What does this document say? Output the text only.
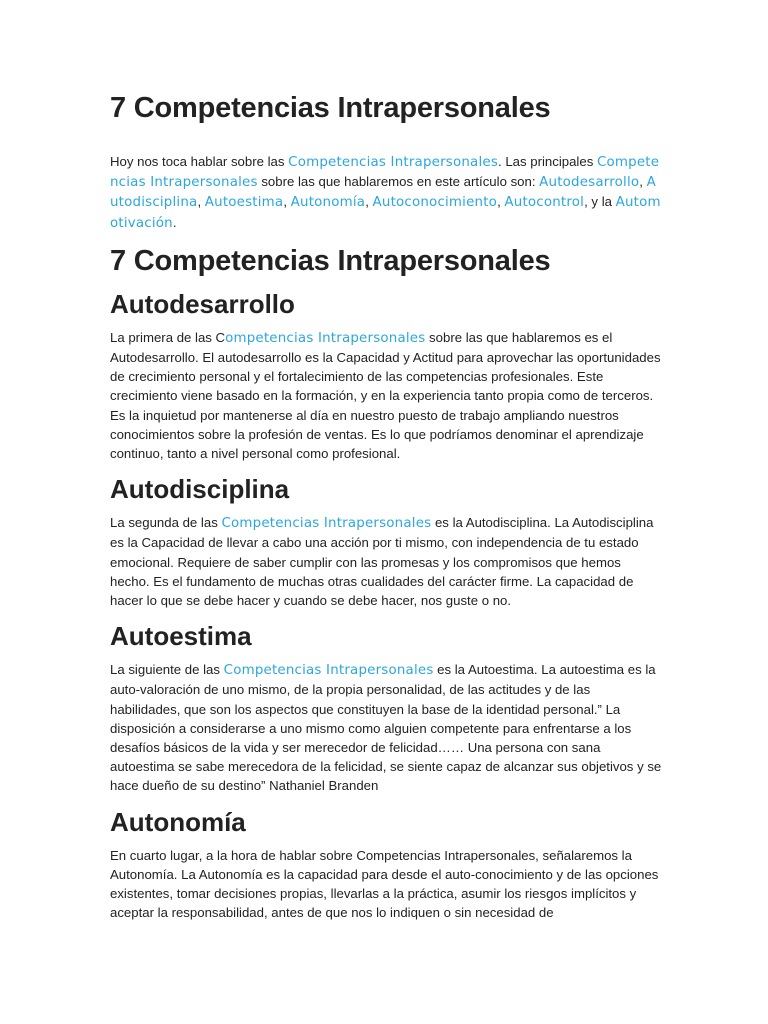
7 Competencias Intrapersonales

Hoy nos toca hablar sobre las Competencias Intrapersonales. Las principales Competencias Intrapersonales sobre las que hablaremos en este artículo son: Autodesarrollo, Autodisciplina, Autoestima, Autonomía, Autoconocimiento, Autocontrol, y la Automotivación.

7 Competencias Intrapersonales
Autodesarrollo

La primera de las Competencias Intrapersonales sobre las que hablaremos es el Autodesarrollo. El autodesarrollo es la Capacidad y Actitud para aprovechar las oportunidades de crecimiento personal y el fortalecimiento de las competencias profesionales. Este crecimiento viene basado en la formación, y en la experiencia tanto propia como de terceros. Es la inquietud por mantenerse al día en nuestro puesto de trabajo ampliando nuestros conocimientos sobre la profesión de ventas. Es lo que podríamos denominar el aprendizaje continuo, tanto a nivel personal como profesional.

Autodisciplina

La segunda de las Competencias Intrapersonales es la Autodisciplina. La Autodisciplina es la Capacidad de llevar a cabo una acción por ti mismo, con independencia de tu estado emocional. Requiere de saber cumplir con las promesas y los compromisos que hemos hecho. Es el fundamento de muchas otras cualidades del carácter firme. La capacidad de hacer lo que se debe hacer y cuando se debe hacer, nos guste o no.

Autoestima

La siguiente de las Competencias Intrapersonales es la Autoestima. La autoestima es la auto-valoración de uno mismo, de la propia personalidad, de las actitudes y de las habilidades, que son los aspectos que constituyen la base de la identidad personal.” La disposición a considerarse a uno mismo como alguien competente para enfrentarse a los desafíos básicos de la vida y ser merecedor de felicidad…… Una persona con sana autoestima se sabe merecedora de la felicidad, se siente capaz de alcanzar sus objetivos y se hace dueño de su destino” Nathaniel Branden

Autonomía

En cuarto lugar, a la hora de hablar sobre Competencias Intrapersonales, señalaremos la Autonomía. La Autonomía es la capacidad para desde el auto-conocimiento y de las opciones existentes, tomar decisiones propias, llevarlas a la práctica, asumir los riesgos implícitos y aceptar la responsabilidad, antes de que nos lo indiquen o sin necesidad de
